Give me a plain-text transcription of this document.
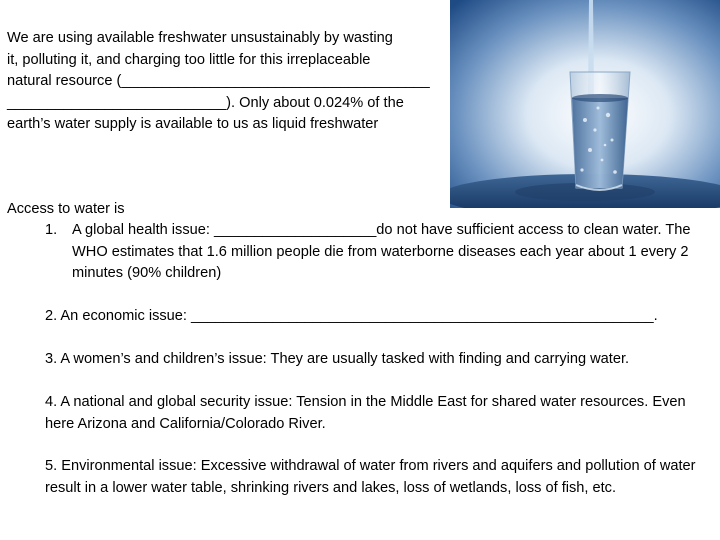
We are using available freshwater unsustainably by wasting
it, polluting it, and charging too little for this irreplaceable
natural resource (______________________________________
___________________________). Only about 0.024% of the
earth’s water supply is available to us as liquid freshwater
Access to water is
1. A global health issue: ____________________do not have sufficient access to clean water. The WHO estimates that 1.6 million people die from waterborne diseases each year about 1 every 2 minutes (90% children)
2. An economic issue: _________________________________________________________.
3. A women’s and children’s issue: They are usually tasked with finding and carrying water.
4. A national and global security issue: Tension in the Middle East for shared water resources. Even here Arizona and California/Colorado River.
5. Environmental issue: Excessive withdrawal of water from rivers and aquifers and pollution of water result in a lower water table, shrinking rivers and lakes, loss of wetlands, loss of fish, etc.
